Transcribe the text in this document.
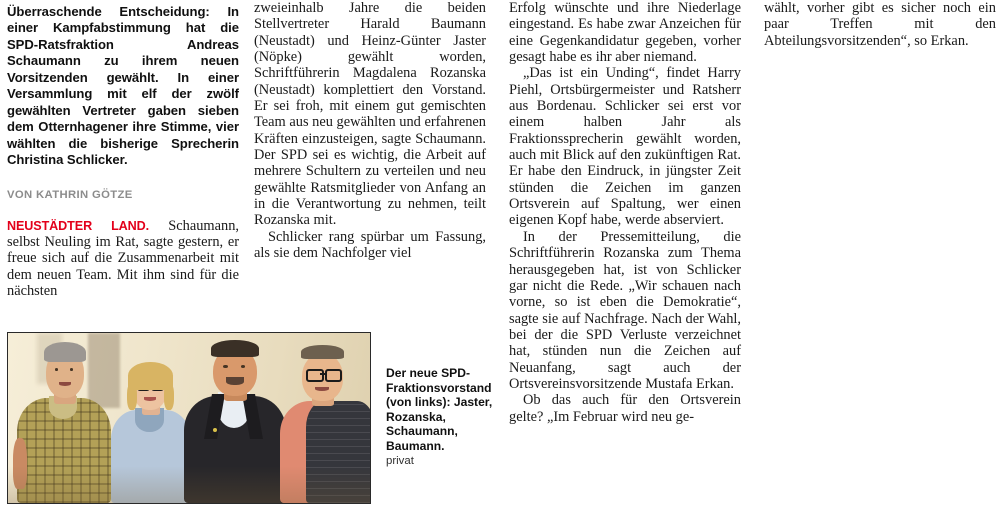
Überraschende Entscheidung: In einer Kampfabstimmung hat die SPD-Ratsfraktion Andreas Schaumann zu ihrem neuen Vorsitzenden gewählt. In einer Versammlung mit elf der zwölf gewählten Vertreter gaben sieben dem Otternhagener ihre Stimme, vier wählten die bisherige Sprecherin Christina Schlicker.

VON KATHRIN GÖTZE

NEUSTÄDTER LAND. Schaumann, selbst Neuling im Rat, sagte gestern, er freue sich auf die Zusammenarbeit mit dem neuen Team. Mit ihm sind für die nächsten

zweieinhalb Jahre die beiden Stellvertreter Harald Baumann (Neustadt) und Heinz-Günter Jaster (Nöpke) gewählt worden, Schriftführerin Magdalena Rozanska (Neustadt) komplettiert den Vorstand. Er sei froh, mit einem gut gemischten Team aus neu gewählten und erfahrenen Kräften einzusteigen, sagte Schaumann. Der SPD sei es wichtig, die Arbeit auf mehrere Schultern zu verteilen und neu gewählte Ratsmitglieder von Anfang an in die Verantwortung zu nehmen, teilt Rozanska mit.

Schlicker rang spürbar um Fassung, als sie dem Nachfolger viel

Erfolg wünschte und ihre Niederlage eingestand. Es habe zwar Anzeichen für eine Gegenkandidatur gegeben, vorher gesagt habe es ihr aber niemand.

„Das ist ein Unding“, findet Harry Piehl, Ortsbürgermeister und Ratsherr aus Bordenau. Schlicker sei erst vor einem halben Jahr als Fraktionssprecherin gewählt worden, auch mit Blick auf den zukünftigen Rat. Er habe den Eindruck, in jüngster Zeit stünden die Zeichen im ganzen Ortsverein auf Spaltung, wer einen eigenen Kopf habe, werde abserviert.

In der Pressemitteilung, die Schriftführerin Rozanska zum Thema herausgegeben hat, ist von Schlicker gar nicht die Rede. „Wir schauen nach vorne, so ist eben die Demokratie“, sagte sie auf Nachfrage. Nach der Wahl, bei der die SPD Verluste verzeichnet hat, stünden nun die Zeichen auf Neuanfang, sagt auch der Ortsvereinsvorsitzende Mustafa Erkan.

Ob das auch für den Ortsverein gelte? „Im Februar wird neu ge-

wählt, vorher gibt es sicher noch ein paar Treffen mit den Abteilungsvorsitzenden“, so Erkan.

Der neue SPD-Fraktionsvorstand (von links): Jaster, Rozanska, Schaumann, Baumann.

privat
